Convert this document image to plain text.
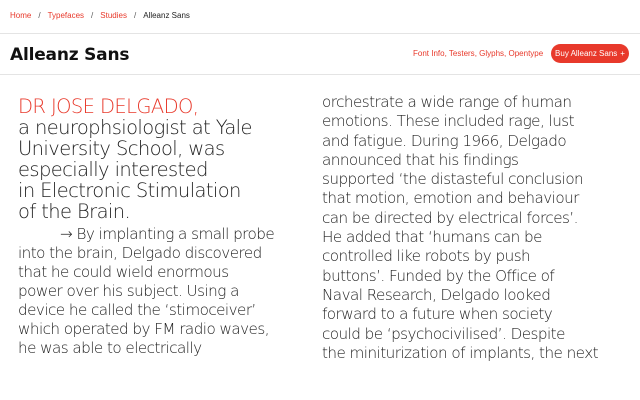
Home / Typefaces / Studies / Alleanz Sans
Alleanz Sans	Font Info, Testers, Glyphs, Opentype Buy Alleanz Sans +
DR JOSE DELGADO,
a neurophsiologist at Yale
University School, was
especially interested
in Electronic Stimulation
of the Brain.
→ By implanting a small probe
into the brain, Delgado discovered
that he could wield enormous
power over his subject. Using a
device he called the ‘stimoceiver’
which operated by FM radio waves,
he was able to electrically
orchestrate a wide range of human
emotions. These included rage, lust
and fatigue. During 1966, Delgado
announced that his findings
supported ‘the distasteful conclusion
that motion, emotion and behaviour
can be directed by electrical forces’.
He added that ‘humans can be
controlled like robots by push
buttons’. Funded by the Office of
Naval Research, Delgado looked
forward to a future when society
could be ‘psychocivilised’. Despite
the miniturization of implants, the next
